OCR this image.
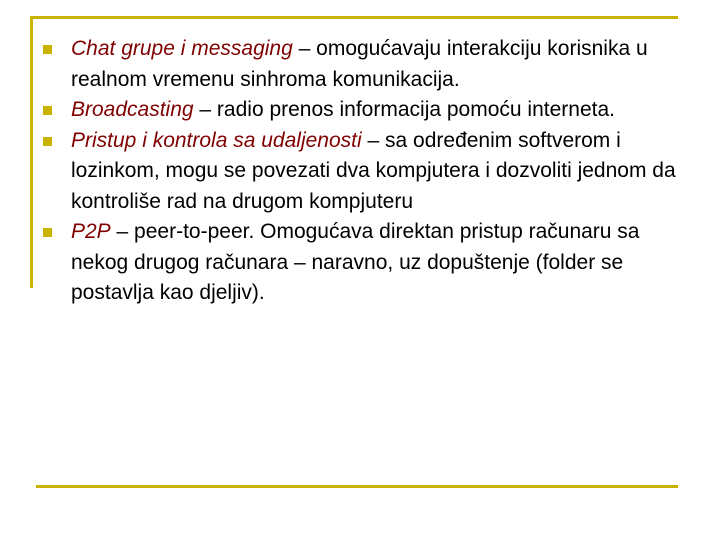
Chat grupe i messaging – omogućavaju interakciju korisnika u realnom vremenu sinhroma komunikacija.
Broadcasting – radio prenos informacija pomoću interneta.
Pristup i kontrola sa udaljenosti – sa određenim softverom i lozinkom, mogu se povezati dva kompjutera i dozvoliti jednom da kontroliše rad na drugom kompjuteru
P2P – peer-to-peer. Omogućava direktan pristup računaru sa nekog drugog računara – naravno, uz dopuštenje (folder se postavlja kao djeljiv).
